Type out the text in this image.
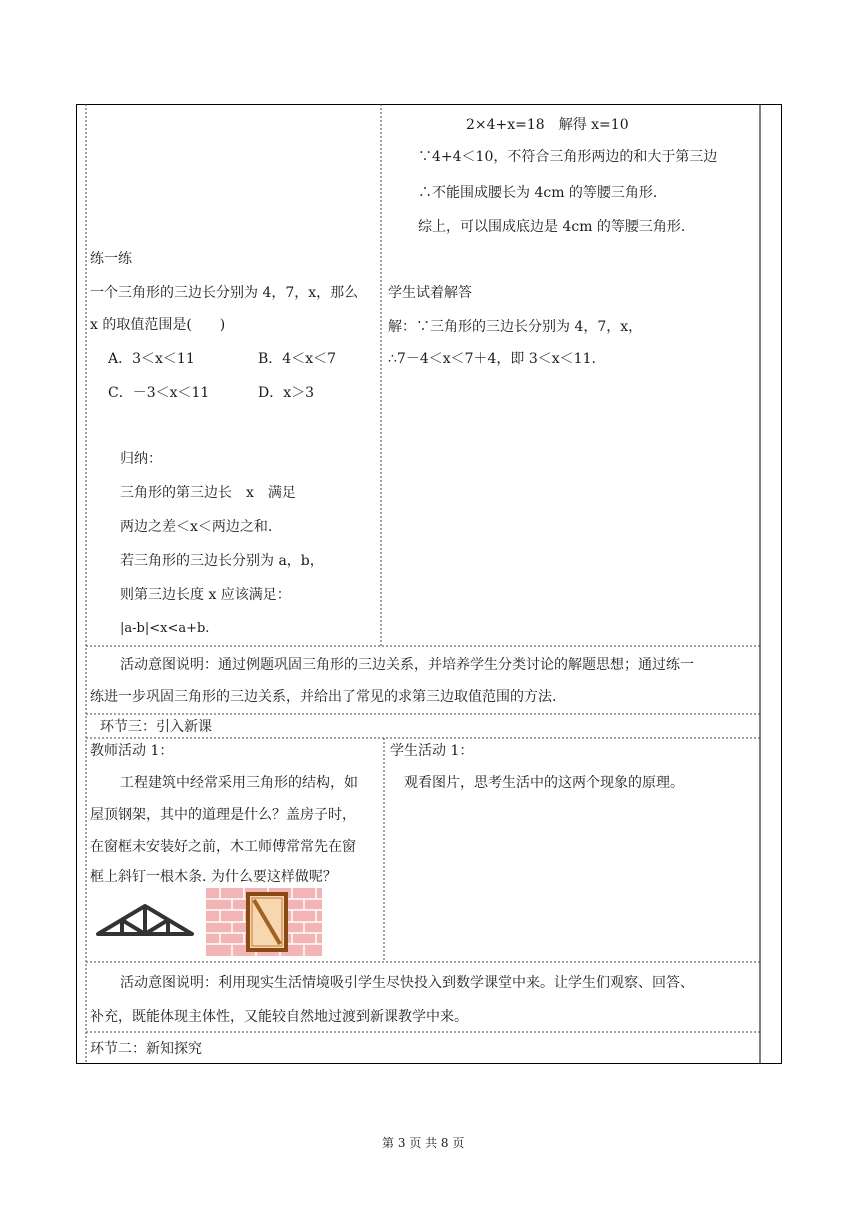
2×4+x=18　解得 x=10
∵4+4＜10，不符合三角形两边的和大于第三边
∴不能围成腰长为 4cm 的等腰三角形.
综上，可以围成底边是 4cm 的等腰三角形.
练一练
一个三角形的三边长分别为 4，7，x，那么
x 的取值范围是(　　)
A．3＜x＜11	B．4＜x＜7
C．－3＜x＜11	D．x＞3
归纳：
三角形的第三边长　x　满足
两边之差＜x＜两边之和.
若三角形的三边长分别为 a，b，
则第三边长度 x 应该满足：
|a-b|<x<a+b.
学生试着解答
解：∵三角形的三边长分别为 4，7，x，
∴7－4＜x＜7＋4，即 3＜x＜11.
活动意图说明：通过例题巩固三角形的三边关系，并培养学生分类讨论的解题思想；通过练一
练进一步巩固三角形的三边关系，并给出了常见的求第三边取值范围的方法.
环节三：引入新课
教师活动 1：
工程建筑中经常采用三角形的结构，如
屋顶钢架，其中的道理是什么？盖房子时，
在窗框未安装好之前，木工师傅常常先在窗
框上斜钉一根木条. 为什么要这样做呢？
学生活动 1：
观看图片，思考生活中的这两个现象的原理。
活动意图说明：利用现实生活情境吸引学生尽快投入到数学课堂中来。让学生们观察、回答、
补充，既能体现主体性，又能较自然地过渡到新课教学中来。
环节二：新知探究
第 3 页 共 8 页
